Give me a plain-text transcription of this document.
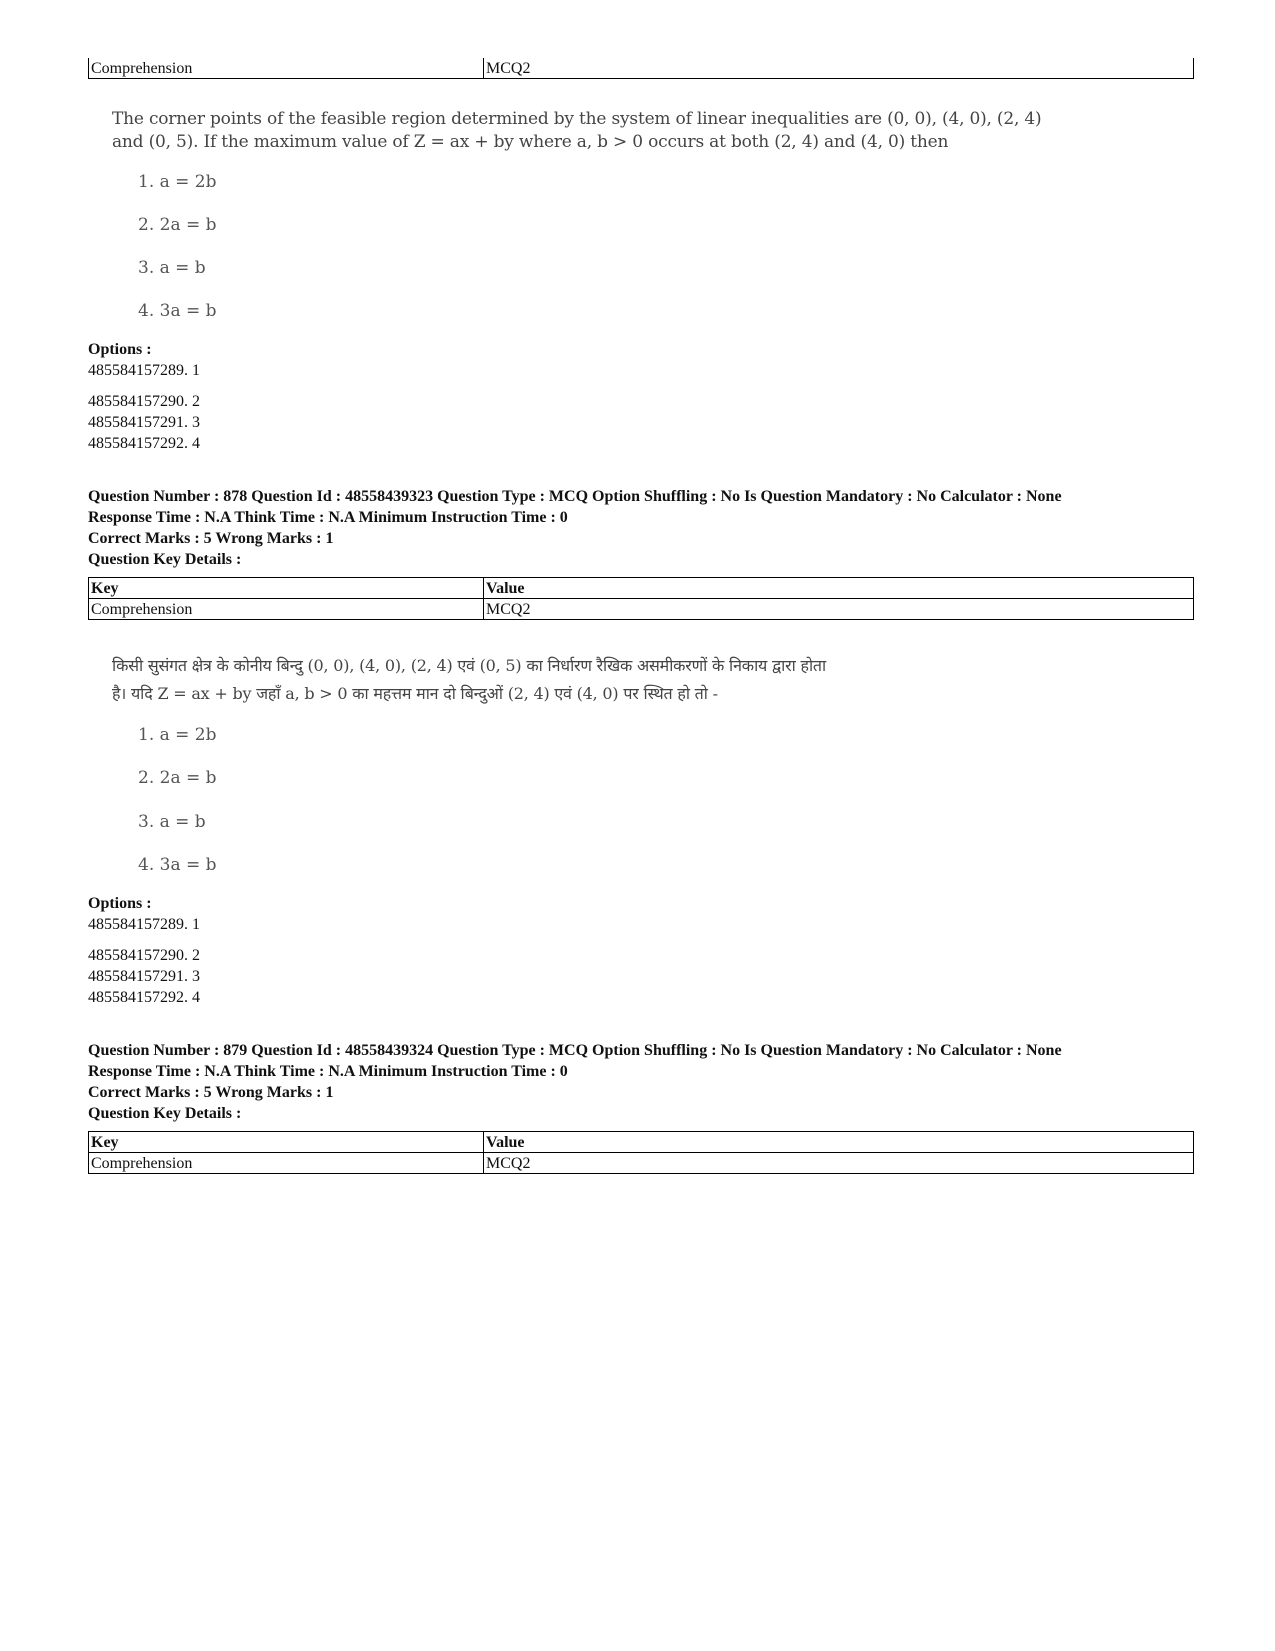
Comprehension	MCQ2
The corner points of the feasible region determined by the system of linear inequalities are (0, 0), (4, 0), (2, 4)
and (0, 5). If the maximum value of Z = ax + by where a, b > 0 occurs at both (2, 4) and (4, 0) then
1. a = 2b
2. 2a = b
3. a = b
4. 3a = b
Options :
485584157289. 1
485584157290. 2
485584157291. 3
485584157292. 4
Question Number : 878 Question Id : 48558439323 Question Type : MCQ Option Shuffling : No Is Question Mandatory : No Calculator : None
Response Time : N.A Think Time : N.A Minimum Instruction Time : 0
Correct Marks : 5 Wrong Marks : 1
Question Key Details :
Key	Value
Comprehension	MCQ2
किसी सुसंगत क्षेत्र के कोनीय बिन्दु (0, 0), (4, 0), (2, 4) एवं (0, 5) का निर्धारण रैखिक असमीकरणों के निकाय द्वारा होता
है। यदि Z = ax + by जहाँ a, b > 0 का महत्तम मान दो बिन्दुओं (2, 4) एवं (4, 0) पर स्थित हो तो -
1. a = 2b
2. 2a = b
3. a = b
4. 3a = b
Options :
485584157289. 1
485584157290. 2
485584157291. 3
485584157292. 4
Question Number : 879 Question Id : 48558439324 Question Type : MCQ Option Shuffling : No Is Question Mandatory : No Calculator : None
Response Time : N.A Think Time : N.A Minimum Instruction Time : 0
Correct Marks : 5 Wrong Marks : 1
Question Key Details :
Key	Value
Comprehension	MCQ2
